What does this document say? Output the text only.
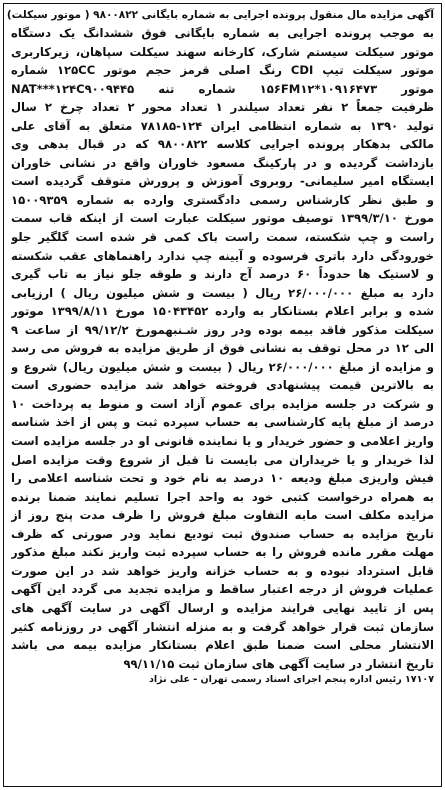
آگهی مزایده مال منقول پرونده اجرایی به شماره بایگانی ۹۸۰۰۸۲۲ ( موتور سیکلت)
به موجب پرونده اجرایی به شماره بایگانی فوق ششدانگ یک دستگاه
موتور سیکلت سیستم شارک، کارخانه سهند سیکلت سپاهان، زیرکاربری
موتور سیکلت تیپ CDI رنگ اصلی قرمز حجم موتور ۱۲۵CC شماره
موتور ۱۵۶FM۱۲*۱۰۹۱۶۴۷۳ شماره تنه NAT***۱۲۴C۹۰۰۹۴۴۵
ظرفیت جمعاً ۲ نفر تعداد سیلندر ۱ تعداد محور ۲ تعداد چرخ ۲ سال
تولید ۱۳۹۰ به شماره انتظامی ایران ۱۲۴-۷۸۱۸۵ متعلق به آقای علی
مالکی بدهکار پرونده اجرایی کلاسه ۹۸۰۰۸۲۲ که در قبال بدهی وی
بازداشت گردیده و در پارکینگ مسعود خاوران واقع در نشانی خاوران
ایستگاه امیر سلیمانی- روبروی آموزش و پرورش متوقف گردیده است
و طبق نظر کارشناس رسمی دادگستری وارده به شماره ۱۵۰۰۹۳۵۹
مورخ ۱۳۹۹/۳/۱۰ توصیف موتور سیکلت عبارت است از اینکه قاب سمت
راست و چپ شکسته، سمت راست باک کمی قر شده است گلگیر جلو
خورودگی دارد باتری فرسوده و آیینه چپ ندارد راهنماهای عقب شکسته
و لاستیک ها حدوداً ۶۰ درصد آج دارند و طوقه جلو نیاز به تاب گیری
دارد به مبلغ ۲۶/۰۰۰/۰۰۰ ریال ( بیست و شش میلیون ریال ) ارزیابی
شده و برابر اعلام بستانکار به وارده ۱۵۰۴۳۴۵۲ مورخ ۱۳۹۹/۸/۱۱ موتور
سیکلت مذکور فاقد بیمه بوده ودر روز شـنبهمورخ ۹۹/۱۲/۲ از ساعت ۹
الی ۱۲ در محل توقف به نشانی فوق از طریق مزایده به فروش می رسد
و مزایده از مبلغ ۲۶/۰۰۰/۰۰۰ ریال ( بیست و شش میلیون ریال) شروع و
به بالاترین قیمت پیشنهادی فروخته خواهد شد مزایده حضوری است
و شرکت در جلسه مزایده برای عموم آزاد است و منوط به پرداخت ۱۰
درصد از مبلغ پایه کارشناسی به حساب سپرده ثبت و پس از اخذ شناسه
واریز اعلامی و حضور خریدار و یا نماینده قانونی او در جلسه مزایده است
لذا خریدار و یا خریداران می بایست تا قبل از شروع وقت مزایده اصل
فیش واریزی مبلغ ودیعه ۱۰ درصد به نام خود و تحت شناسه اعلامی را
به همراه درخواست کتبی خود به واحد اجرا تسلیم نمایند ضمنا برنده
مزایده مکلف است مابه التفاوت مبلغ فروش را ظرف مدت پنج روز از
تاریخ مزایده به حساب صندوق ثبت تودیع نماید ودر صورتی که ظرف
مهلت مقرر مانده فروش را به حساب سپرده ثبت واریز نکند مبلغ مذکور
قابل استرداد نبوده و به حساب خزانه واریز خواهد شد در این صورت
عملیات فروش از درجه اعتبار ساقط و مزایده تجدید می گردد این آگهی
پس از تایید نهایی فرایند مزایده و ارسال آگهی در سایت آگهی های
سازمان ثبت قرار خواهد گرفت و به منزله انتشار آگهی در روزنامه کثیر
الانتشار محلی است ضمنا طبق اعلام بستانکار مزایده بیمه می باشد
تاریخ انتشار در سایت آگهی های سازمان ثبت ۹۹/۱۱/۱۵
۱۷۱۰۷ رئیس اداره پنجم اجرای اسناد رسمی تهران - علی نژاد
